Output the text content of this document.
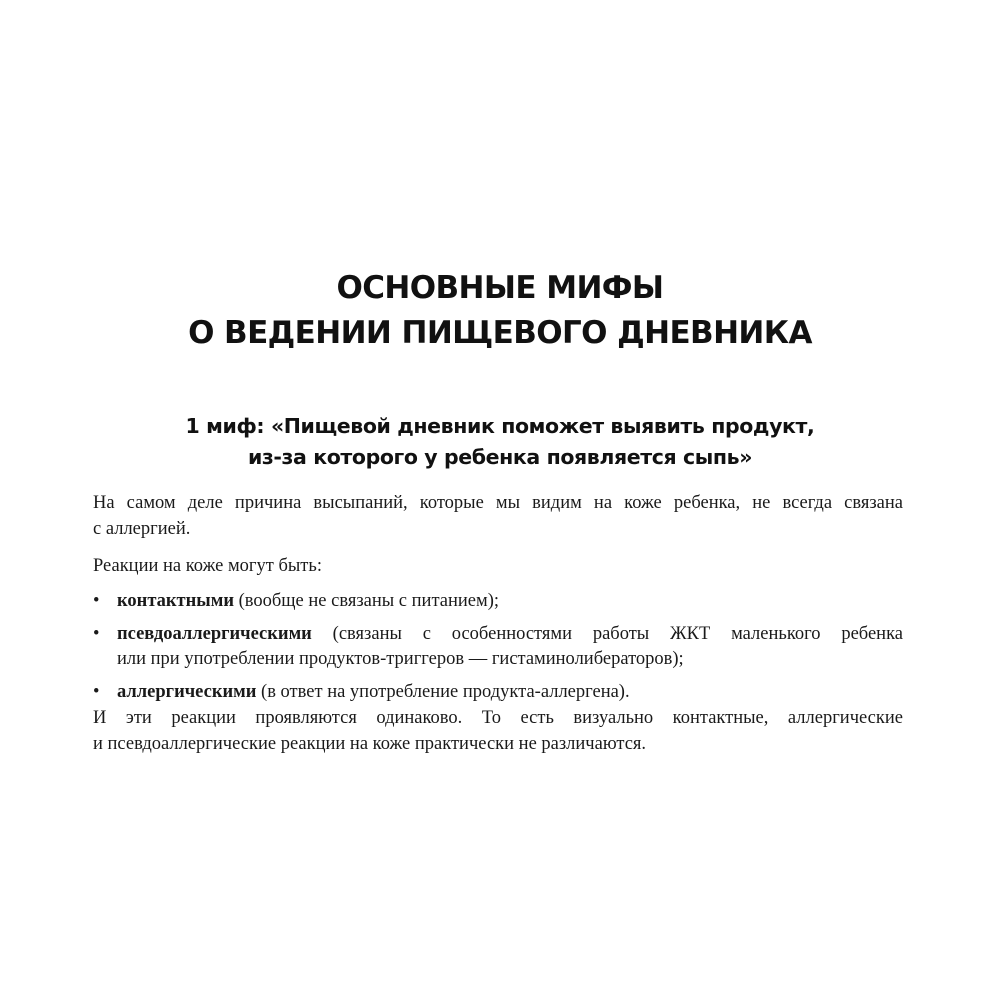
ОСНОВНЫЕ МИФЫ
О ВЕДЕНИИ ПИЩЕВОГО ДНЕВНИКА
1 миф: «Пищевой дневник поможет выявить продукт,
из-за которого у ребенка появляется сыпь»

На самом деле причина высыпаний, которые мы видим на коже ребенка, не всегда связана
с аллергией.

Реакции на коже могут быть:

• контактными (вообще не связаны с питанием);
• псевдоаллергическими (связаны с особенностями работы ЖКТ маленького ребенка
или при употреблении продуктов-триггеров — гистаминолибераторов);
• аллергическими (в ответ на употребление продукта-аллергена).

И эти реакции проявляются одинаково. То есть визуально контактные, аллергические
и псевдоаллергические реакции на коже практически не различаются.
